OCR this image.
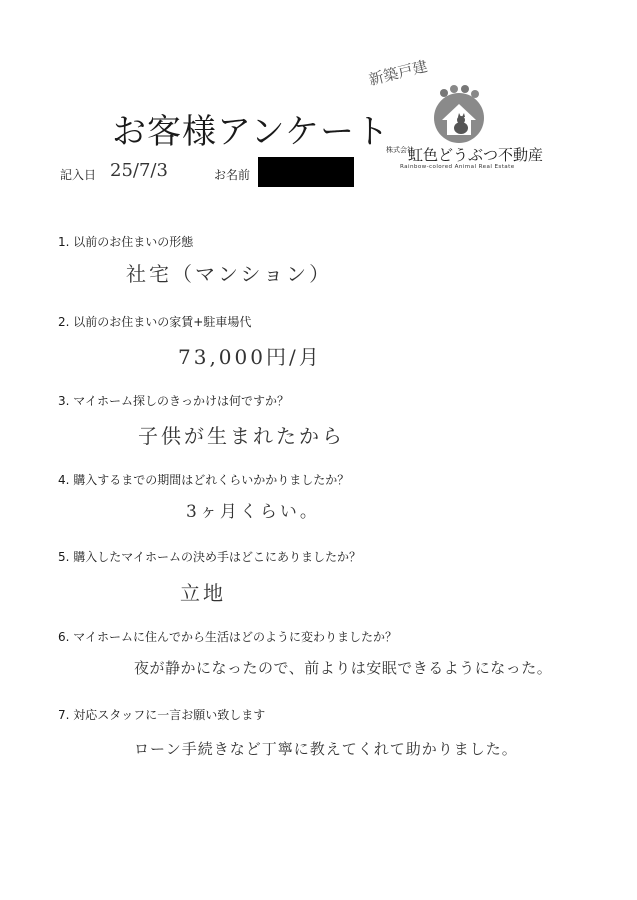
お客様アンケート
新築戸建
株式会社
虹色どうぶつ不動産
Rainbow-colored Animal Real Estate
記入日 25/7/3	お名前
1. 以前のお住まいの形態
社宅（マンション）
2. 以前のお住まいの家賃+駐車場代
73,000円/月
3. マイホーム探しのきっかけは何ですか？
子供が生まれたから
4. 購入するまでの期間はどれくらいかかりましたか？
3ヶ月くらい。
5. 購入したマイホームの決め手はどこにありましたか？
立地
6. マイホームに住んでから生活はどのように変わりましたか？
夜が静かになったので、前よりは安眠できるようになった。
7. 対応スタッフに一言お願い致します
ローン手続きなど丁寧に教えてくれて助かりました。
